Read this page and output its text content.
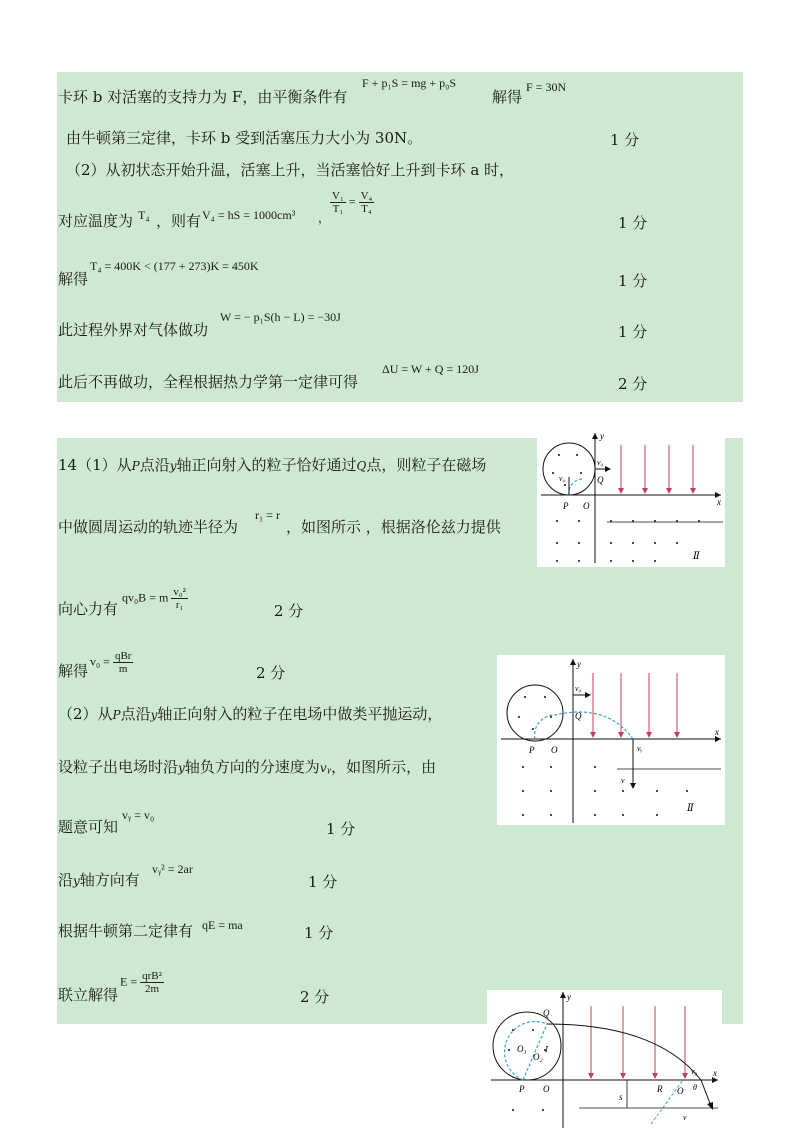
卡环 b 对活塞的支持力为 F，由平衡条件有
F + p₁S = mg + p₀S
解得
F = 30N
由牛顿第三定律，卡环 b 受到活塞压力大小为 30N。	1 分
（2）从初状态开始升温，活塞上升，当活塞恰好上升到卡环 a 时，
对应温度为 T₄ ，则有 V₄ = hS = 1000cm³ ，
$\frac{\text{V₁}}{\text{T₁}} = \frac{\text{V₄}}{\text{T₄}}$
1 分
解得
T₄ = 400K < (177 + 273)K = 450K
1 分
此过程外界对气体做功
W = − p₁S(h − L) = −30J
1 分
此后不再做功，全程根据热力学第一定律可得
ΔU = W + Q = 120J
2 分
14（1）从P点沿y轴正向射入的粒子恰好通过Q点，则粒子在磁场
中做圆周运动的轨迹半径为
r₁ = r
，如图所示 ，根据洛伦兹力提供
向心力有
qv₀B = m $\frac{\text{v₀²}}{\text{r₁}}$	2 分
解得
$v_0 = \frac{\text{qBr}}{m}$	2 分
（2）从P点沿y轴正向射入的粒子在电场中做类平抛运动，
设粒子出电场时沿y轴负方向的分速度为vᵧ，如图所示，由
题意可知
vᵧ = v₀
1 分
沿y轴方向有
vᵧ² = 2ar
1 分
根据牛顿第二定律有 qE = ma	1 分
联立解得
$E = \frac{\text{qrB²}}{2m}$
2 分
y
x
v₀
Q
P O
v₀
Ⅱ
y
x
v₀
Q
P O	vᵧ
v
Ⅱ
y
x
Q
O₁
O₂
Ⅰ
P O
s
R O
v₀
θ
v
